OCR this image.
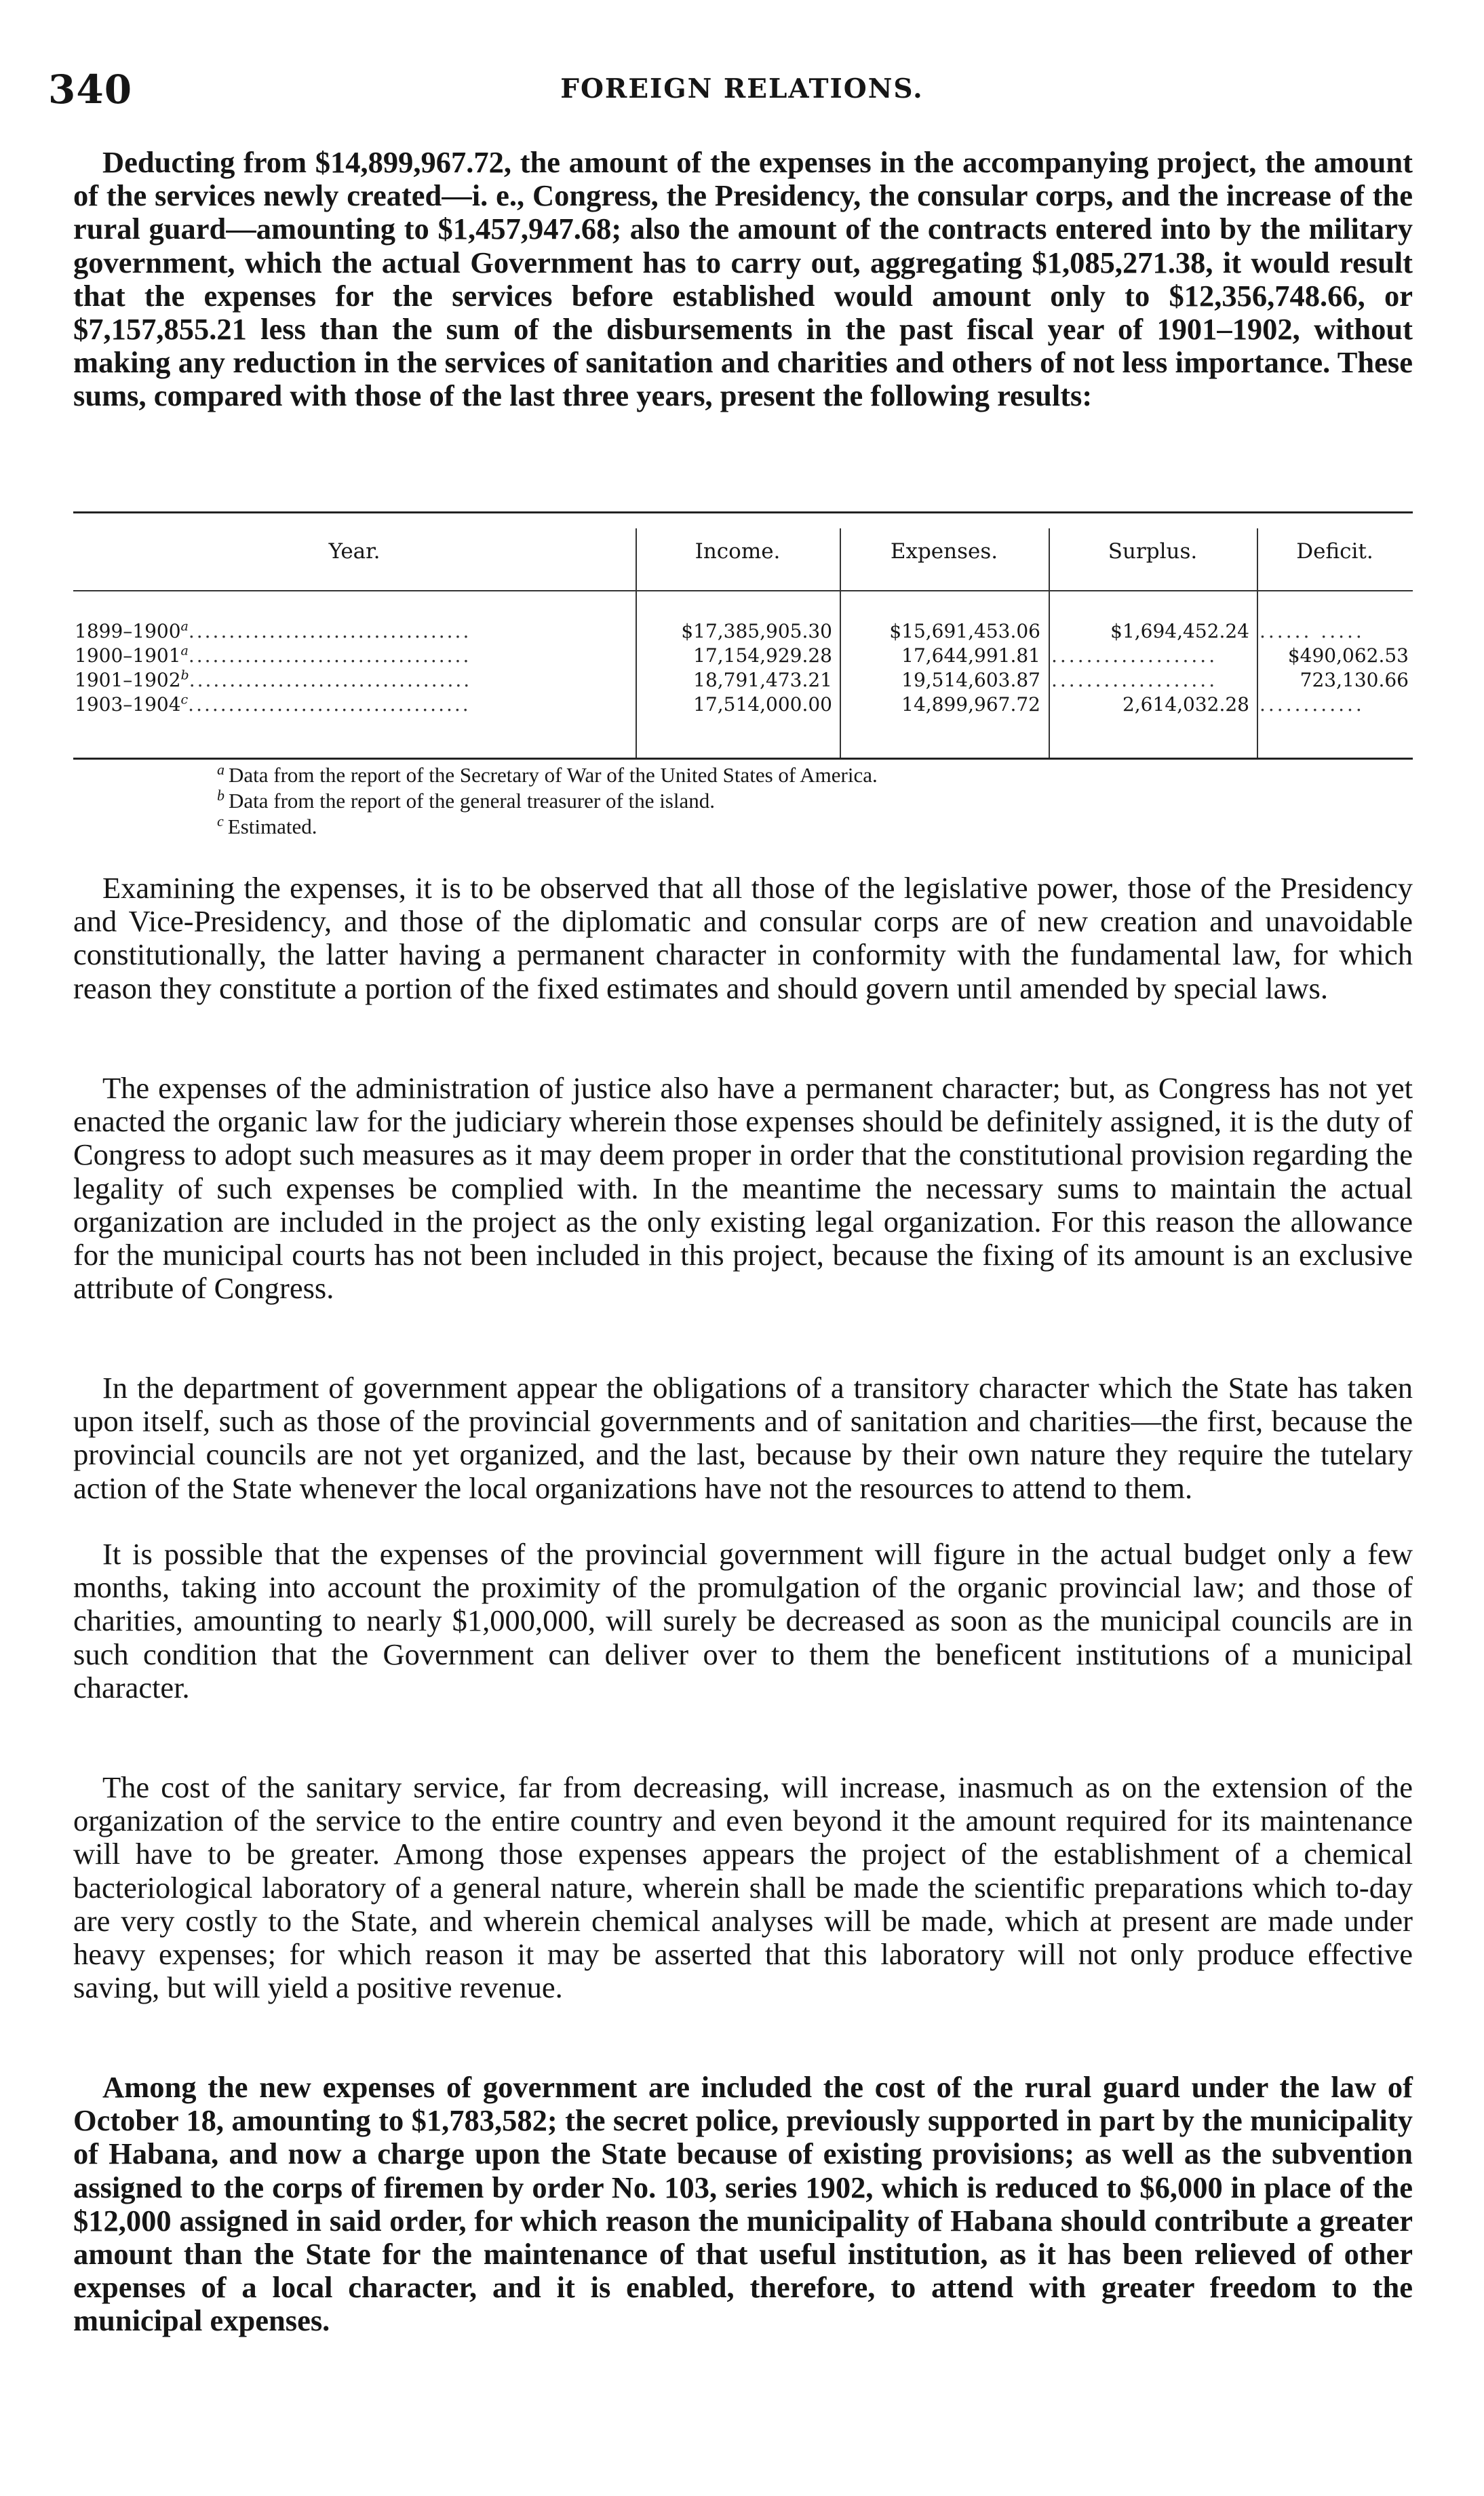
340	FOREIGN RELATIONS.

Deducting from $14,899,967.72, the amount of the expenses in the accompanying project, the amount of the services newly created—i. e., Congress, the Presidency, the consular corps, and the increase of the rural guard—amounting to $1,457,947.68; also the amount of the contracts entered into by the military government, which the actual Government has to carry out, aggregating $1,085,271.38, it would result that the expenses for the services before established would amount only to $12,356,748.66, or $7,157,855.21 less than the sum of the disbursements in the past fiscal year of 1901–1902, without making any reduction in the services of sanitation and charities and others of not less importance. These sums, compared with those of the last three years, present the following results:

Year.	Income.	Expenses.	Surplus.	Deficit.
1899–1900$^a$...................................	$17,385,905.30	$15,691,453.06	$1,694,452.24 ...... .....
1900–1901$^a$...................................	17,154,929.28	17,644,991.81 ...................	$490,062.53
1901–1902$^b$...................................	18,791,473.21	19,514,603.87 ...................	723,130.66
1903–1904$^c$...................................	17,514,000.00	14,899,967.72	2,614,032.28 ............
$^a$ Data from the report of the Secretary of War of the United States of America.
$^b$ Data from the report of the general treasurer of the island.
$^c$ Estimated.

Examining the expenses, it is to be observed that all those of the legislative power, those of the Presidency and Vice-Presidency, and those of the diplomatic and consular corps are of new creation and unavoidable constitutionally, the latter having a permanent character in conformity with the fundamental law, for which reason they constitute a portion of the fixed estimates and should govern until amended by special laws.

The expenses of the administration of justice also have a permanent character; but, as Congress has not yet enacted the organic law for the judiciary wherein those expenses should be definitely assigned, it is the duty of Congress to adopt such measures as it may deem proper in order that the constitutional provision regarding the legality of such expenses be complied with. In the meantime the necessary sums to maintain the actual organization are included in the project as the only existing legal organization. For this reason the allowance for the municipal courts has not been included in this project, because the fixing of its amount is an exclusive attribute of Congress.

In the department of government appear the obligations of a transitory character which the State has taken upon itself, such as those of the provincial governments and of sanitation and charities—the first, because the provincial councils are not yet organized, and the last, because by their own nature they require the tutelary action of the State whenever the local organizations have not the resources to attend to them.

It is possible that the expenses of the provincial government will figure in the actual budget only a few months, taking into account the proximity of the promulgation of the organic provincial law; and those of charities, amounting to nearly $1,000,000, will surely be decreased as soon as the municipal councils are in such condition that the Government can deliver over to them the beneficent institutions of a municipal character.

The cost of the sanitary service, far from decreasing, will increase, inasmuch as on the extension of the organization of the service to the entire country and even beyond it the amount required for its maintenance will have to be greater. Among those expenses appears the project of the establishment of a chemical bacteriological laboratory of a general nature, wherein shall be made the scientific preparations which to-day are very costly to the State, and wherein chemical analyses will be made, which at present are made under heavy expenses; for which reason it may be asserted that this laboratory will not only produce effective saving, but will yield a positive revenue.

Among the new expenses of government are included the cost of the rural guard under the law of October 18, amounting to $1,783,582; the secret police, previously supported in part by the municipality of Habana, and now a charge upon the State because of existing provisions; as well as the subvention assigned to the corps of firemen by order No. 103, series 1902, which is reduced to $6,000 in place of the $12,000 assigned in said order, for which reason the municipality of Habana should contribute a greater amount than the State for the maintenance of that useful institution, as it has been relieved of other expenses of a local character, and it is enabled, therefore, to attend with greater freedom to the municipal expenses.
